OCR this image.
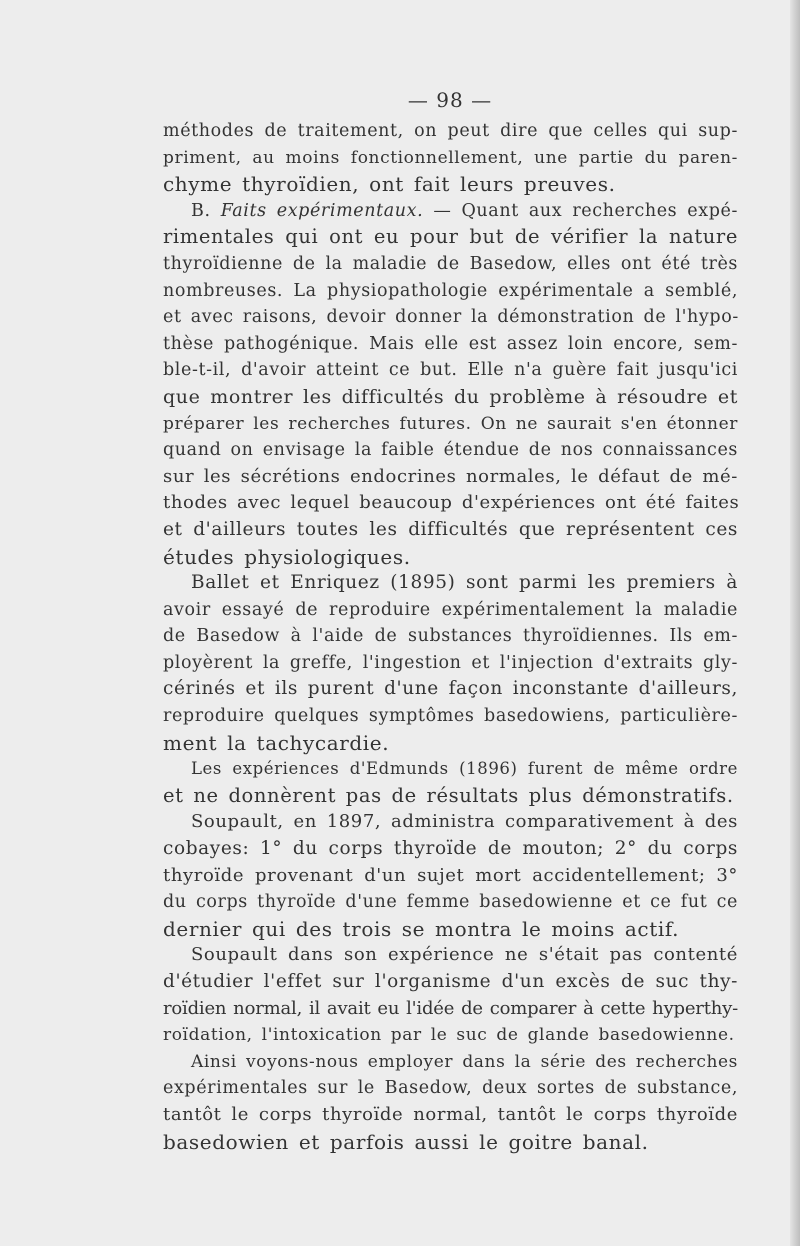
— 98 —
méthodes de traitement, on peut dire que celles qui sup-
priment, au moins fonctionnellement, une partie du paren-
chyme thyroïdien, ont fait leurs preuves.
B. Faits expérimentaux. — Quant aux recherches expé-
rimentales qui ont eu pour but de vérifier la nature
thyroïdienne de la maladie de Basedow, elles ont été très
nombreuses. La physiopathologie expérimentale a semblé,
et avec raisons, devoir donner la démonstration de l'hypo-
thèse pathogénique. Mais elle est assez loin encore, sem-
ble-t-il, d'avoir atteint ce but. Elle n'a guère fait jusqu'ici
que montrer les difficultés du problème à résoudre et
préparer les recherches futures. On ne saurait s'en étonner
quand on envisage la faible étendue de nos connaissances
sur les sécrétions endocrines normales, le défaut de mé-
thodes avec lequel beaucoup d'expériences ont été faites
et d'ailleurs toutes les difficultés que représentent ces
études physiologiques.
Ballet et Enriquez (1895) sont parmi les premiers à
avoir essayé de reproduire expérimentalement la maladie
de Basedow à l'aide de substances thyroïdiennes. Ils em-
ployèrent la greffe, l'ingestion et l'injection d'extraits gly-
cérinés et ils purent d'une façon inconstante d'ailleurs,
reproduire quelques symptômes basedowiens, particulière-
ment la tachycardie.
Les expériences d'Edmunds (1896) furent de même ordre
et ne donnèrent pas de résultats plus démonstratifs.
Soupault, en 1897, administra comparativement à des
cobayes: 1° du corps thyroïde de mouton; 2° du corps
thyroïde provenant d'un sujet mort accidentellement; 3°
du corps thyroïde d'une femme basedowienne et ce fut ce
dernier qui des trois se montra le moins actif.
Soupault dans son expérience ne s'était pas contenté
d'étudier l'effet sur l'organisme d'un excès de suc thy-
roïdien normal, il avait eu l'idée de comparer à cette hyperthy-
roïdation, l'intoxication par le suc de glande basedowienne.
Ainsi voyons-nous employer dans la série des recherches
expérimentales sur le Basedow, deux sortes de substance,
tantôt le corps thyroïde normal, tantôt le corps thyroïde
basedowien et parfois aussi le goitre banal.
